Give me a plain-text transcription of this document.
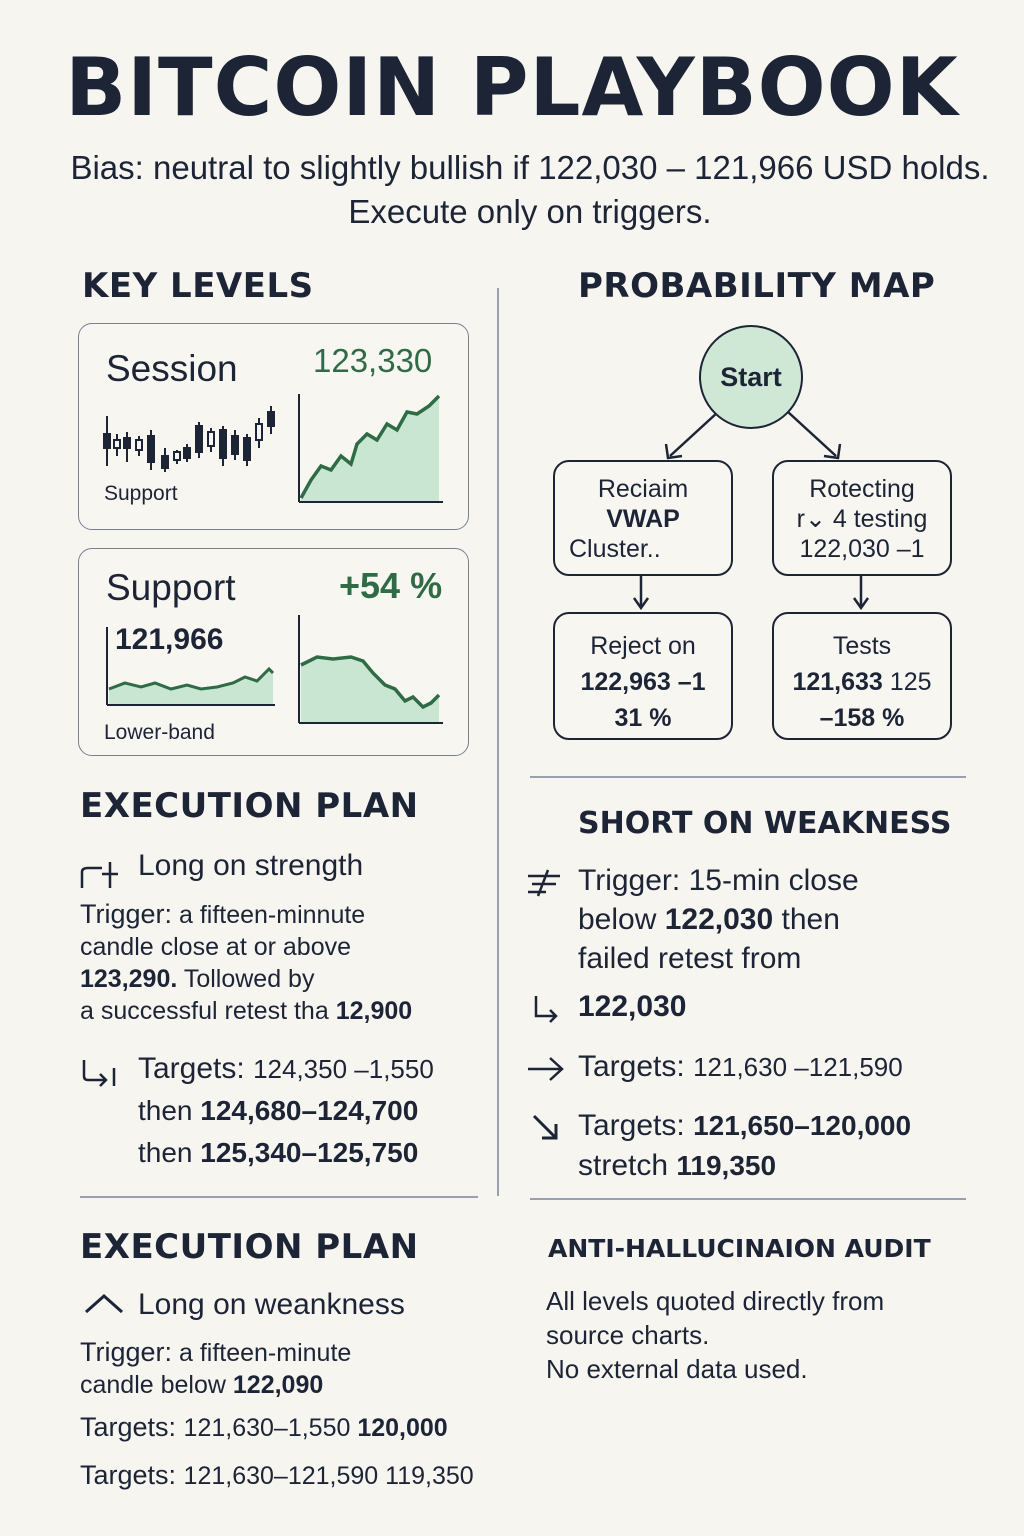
BITCOIN PLAYBOOK
Bias: neutral to slightly bullish if 122,030 – 121,966 USD holds. Execute only on triggers.
KEY LEVELS
Session 123,330
Support
Support	+54 %
121,966
Lower-band
PROBABILITY MAP
Start
Reciaim
VWAP
Cluster..
Rotecting
r⌄ 4 testing
122,030 –1
Reject on
122,963 –1
31 %
Tests
121,633 125
–158 %
EXECUTION PLAN
Long on strength
Trigger: a fifteen-minnute
candle close at or above
123,290. Tollowed by
a successful retest tha 12,900
Targets: 124,350 –1,550
then 124,680–124,700
then 125,340–125,750
SHORT ON WEAKNESS
Trigger: 15-min close
below 122,030 then
failed retest from
122,030
Targets: 121,630 –121,590
Targets: 121,650–120,000
stretch 119,350
EXECUTION PLAN
Long on weankness
Trigger: a fifteen-minute
candle below 122,090
Targets: 121,630–1,550 120,000
Targets: 121,630–121,590 119,350
ANTI-HALLUCINAION AUDIT
All levels quoted directly from
source charts.
No external data used.
